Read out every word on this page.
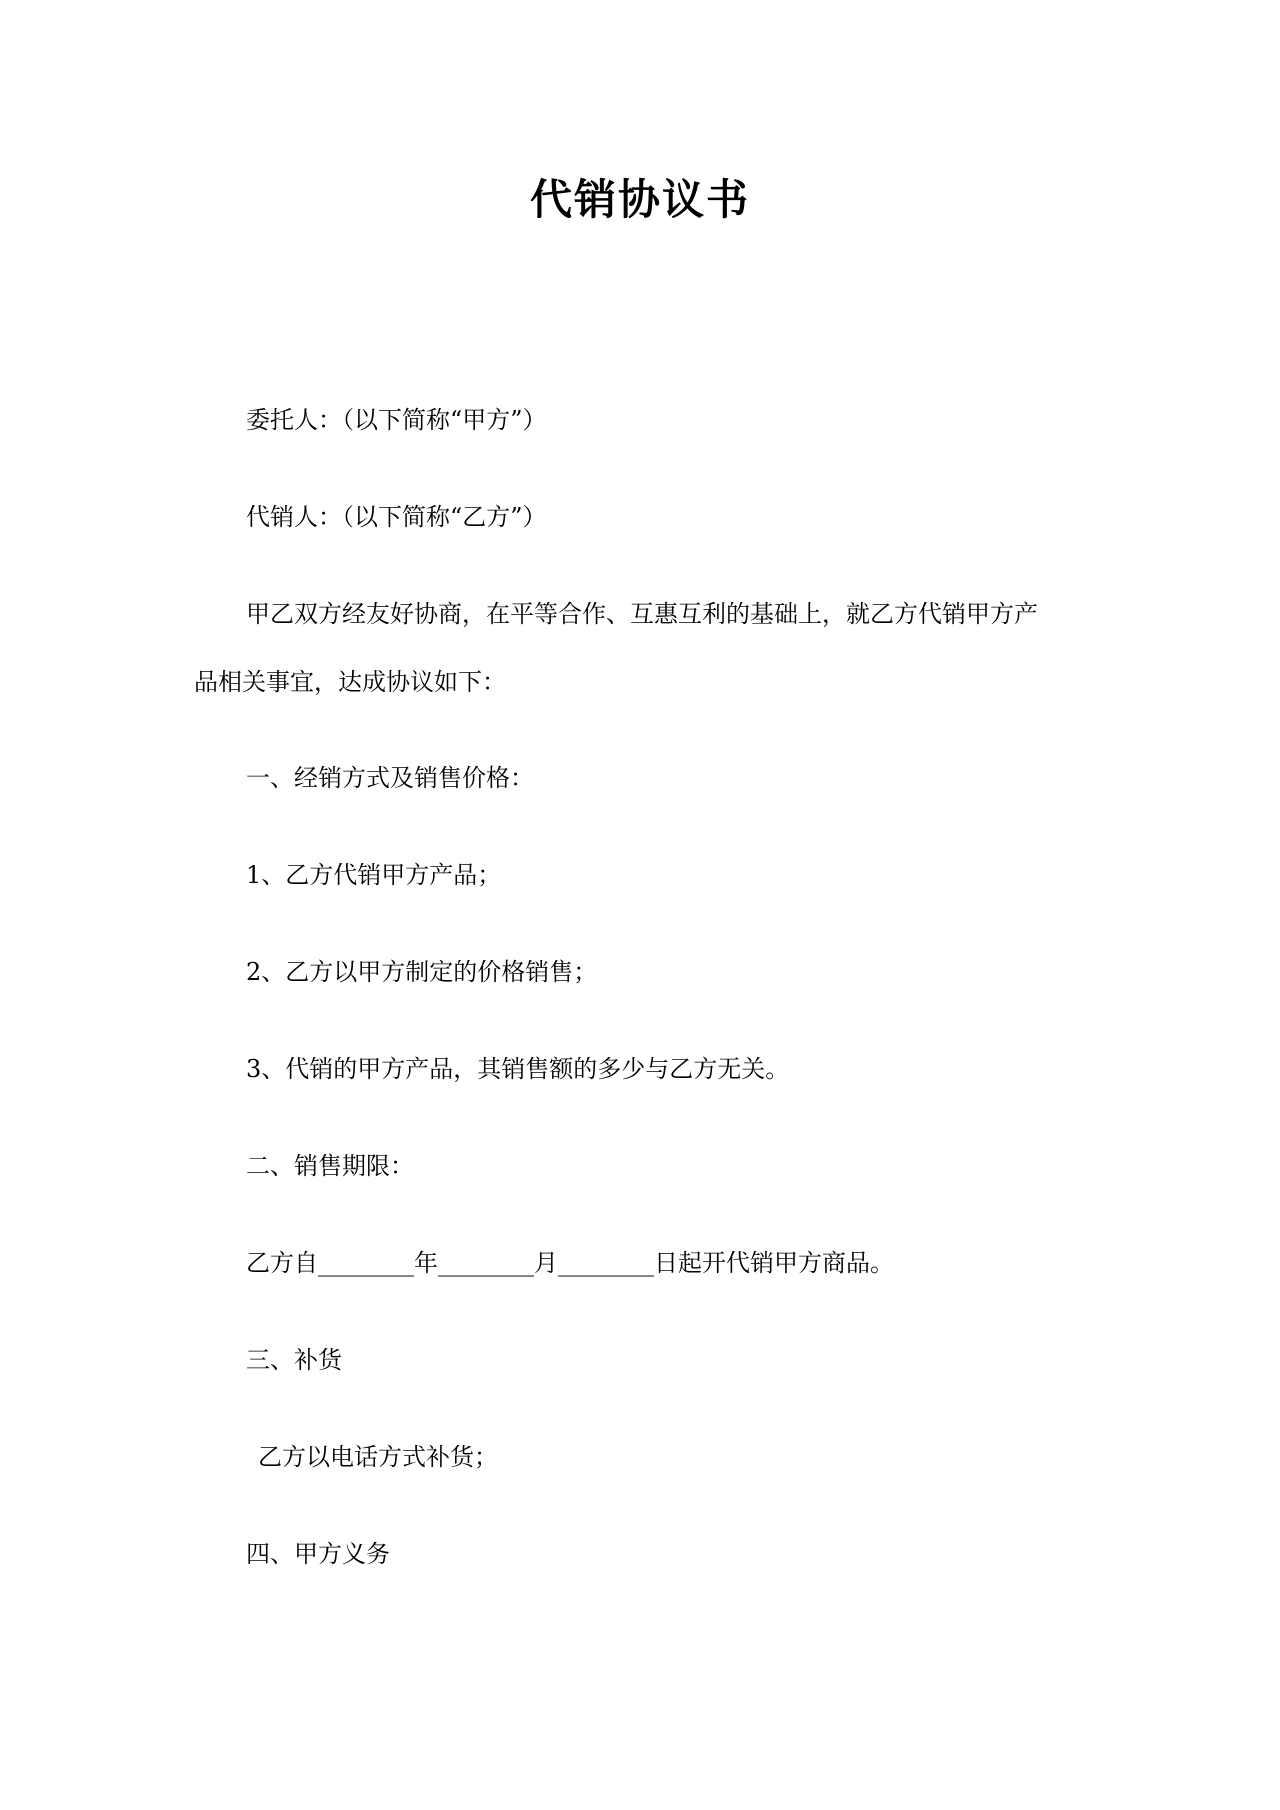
代销协议书
委托人：（以下简称“甲方”）
代销人：（以下简称“乙方”）
甲乙双方经友好协商，在平等合作、互惠互利的基础上，就乙方代销甲方产
品相关事宜，达成协议如下：
一、经销方式及销售价格：
1、乙方代销甲方产品；
2、乙方以甲方制定的价格销售；
3、代销的甲方产品，其销售额的多少与乙方无关。
二、销售期限：
乙方自________年________月________日起开代销甲方商品。
三、补货
乙方以电话方式补货；
四、甲方义务
